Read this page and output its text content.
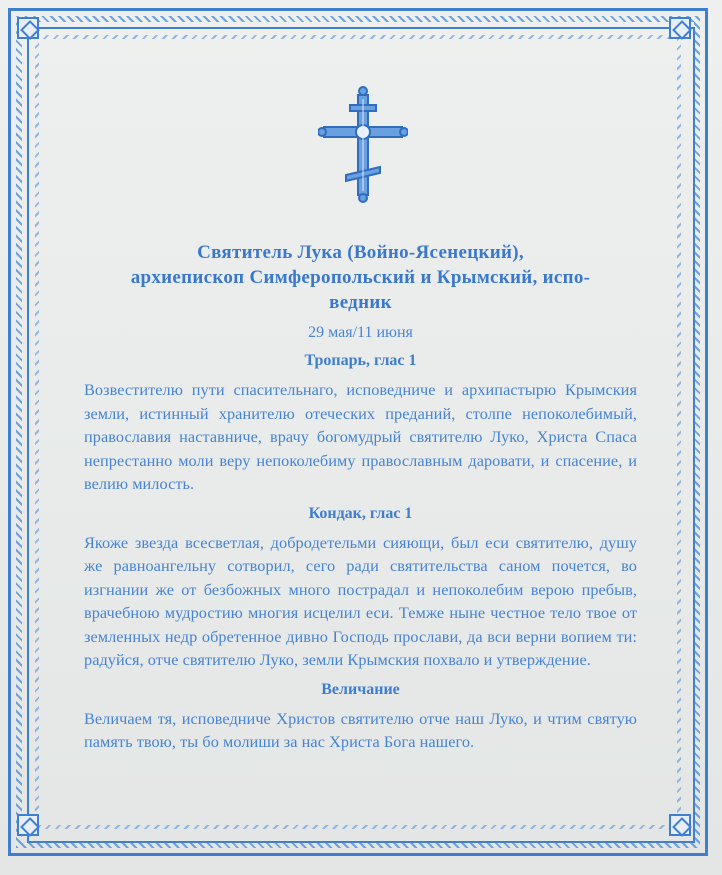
Святитель Лука (Войно-Ясенецкий),
архиепископ Симферопольский и Крымский, испо-
ведник

29 мая/11 июня

Тропарь, глас 1

Возвестителю пути спасительнаго, исповедниче и архипастырю Крымския земли, истинный хранителю отеческих преданий, столпе непоколебимый, православия наставниче, врачу богомудрый святителю Луко, Христа Спаса непрестанно моли веру непоколебиму православным даровати, и спасение, и велию милость.

Кондак, глас 1

Якоже звезда всесветлая, добродетельми сияющи, был еси святителю, душу же равноангельну сотворил, сего ради святительства саном почется, во изгнании же от безбожных много пострадал и непоколебим верою пребыв, врачебною мудростию многия исцелил еси. Темже ныне честное тело твое от земленных недр обретенное дивно Господь прослави, да вси верни вопием ти: радуйся, отче святителю Луко, земли Крымския похвало и утверждение.

Величание

Величаем тя, исповедниче Христов святителю отче наш Луко, и чтим святую память твою, ты бо молиши за нас Христа Бога нашего.
